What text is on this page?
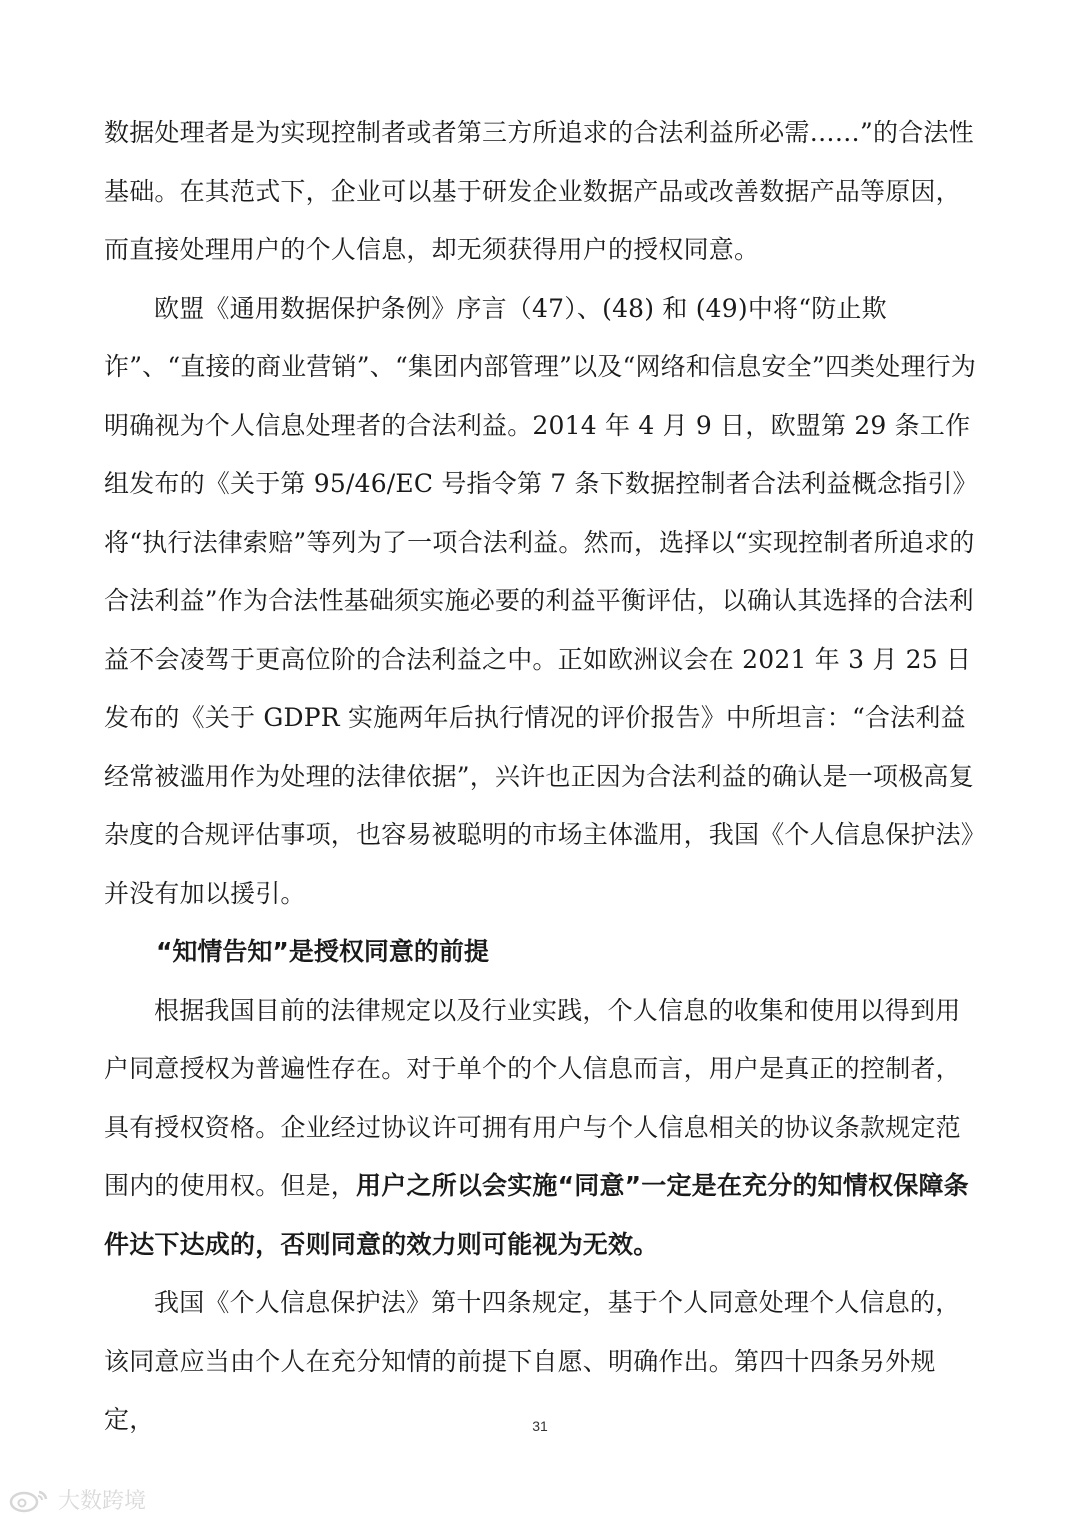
数据处理者是为实现控制者或者第三方所追求的合法利益所必需……”的合法性基础。在其范式下，企业可以基于研发企业数据产品或改善数据产品等原因，而直接处理用户的个人信息，却无须获得用户的授权同意。

欧盟《通用数据保护条例》序言（47）、(48) 和 (49)中将“防止欺诈”、“直接的商业营销”、“集团内部管理”以及“网络和信息安全”四类处理行为明确视为个人信息处理者的合法利益。2014 年 4 月 9 日，欧盟第 29 条工作组发布的《关于第 95/46/EC 号指令第 7 条下数据控制者合法利益概念指引》将“执行法律索赔”等列为了一项合法利益。然而，选择以“实现控制者所追求的合法利益”作为合法性基础须实施必要的利益平衡评估，以确认其选择的合法利益不会凌驾于更高位阶的合法利益之中。正如欧洲议会在 2021 年 3 月 25 日发布的《关于 GDPR 实施两年后执行情况的评价报告》中所坦言：“合法利益经常被滥用作为处理的法律依据”，兴许也正因为合法利益的确认是一项极高复杂度的合规评估事项，也容易被聪明的市场主体滥用，我国《个人信息保护法》并没有加以援引。

“知情告知”是授权同意的前提

根据我国目前的法律规定以及行业实践，个人信息的收集和使用以得到用户同意授权为普遍性存在。对于单个的个人信息而言，用户是真正的控制者，具有授权资格。企业经过协议许可拥有用户与个人信息相关的协议条款规定范围内的使用权。但是，用户之所以会实施“同意”一定是在充分的知情权保障条件达下达成的，否则同意的效力则可能视为无效。

我国《个人信息保护法》第十四条规定，基于个人同意处理个人信息的，该同意应当由个人在充分知情的前提下自愿、明确作出。第四十四条另外规定，	31
大数跨境
